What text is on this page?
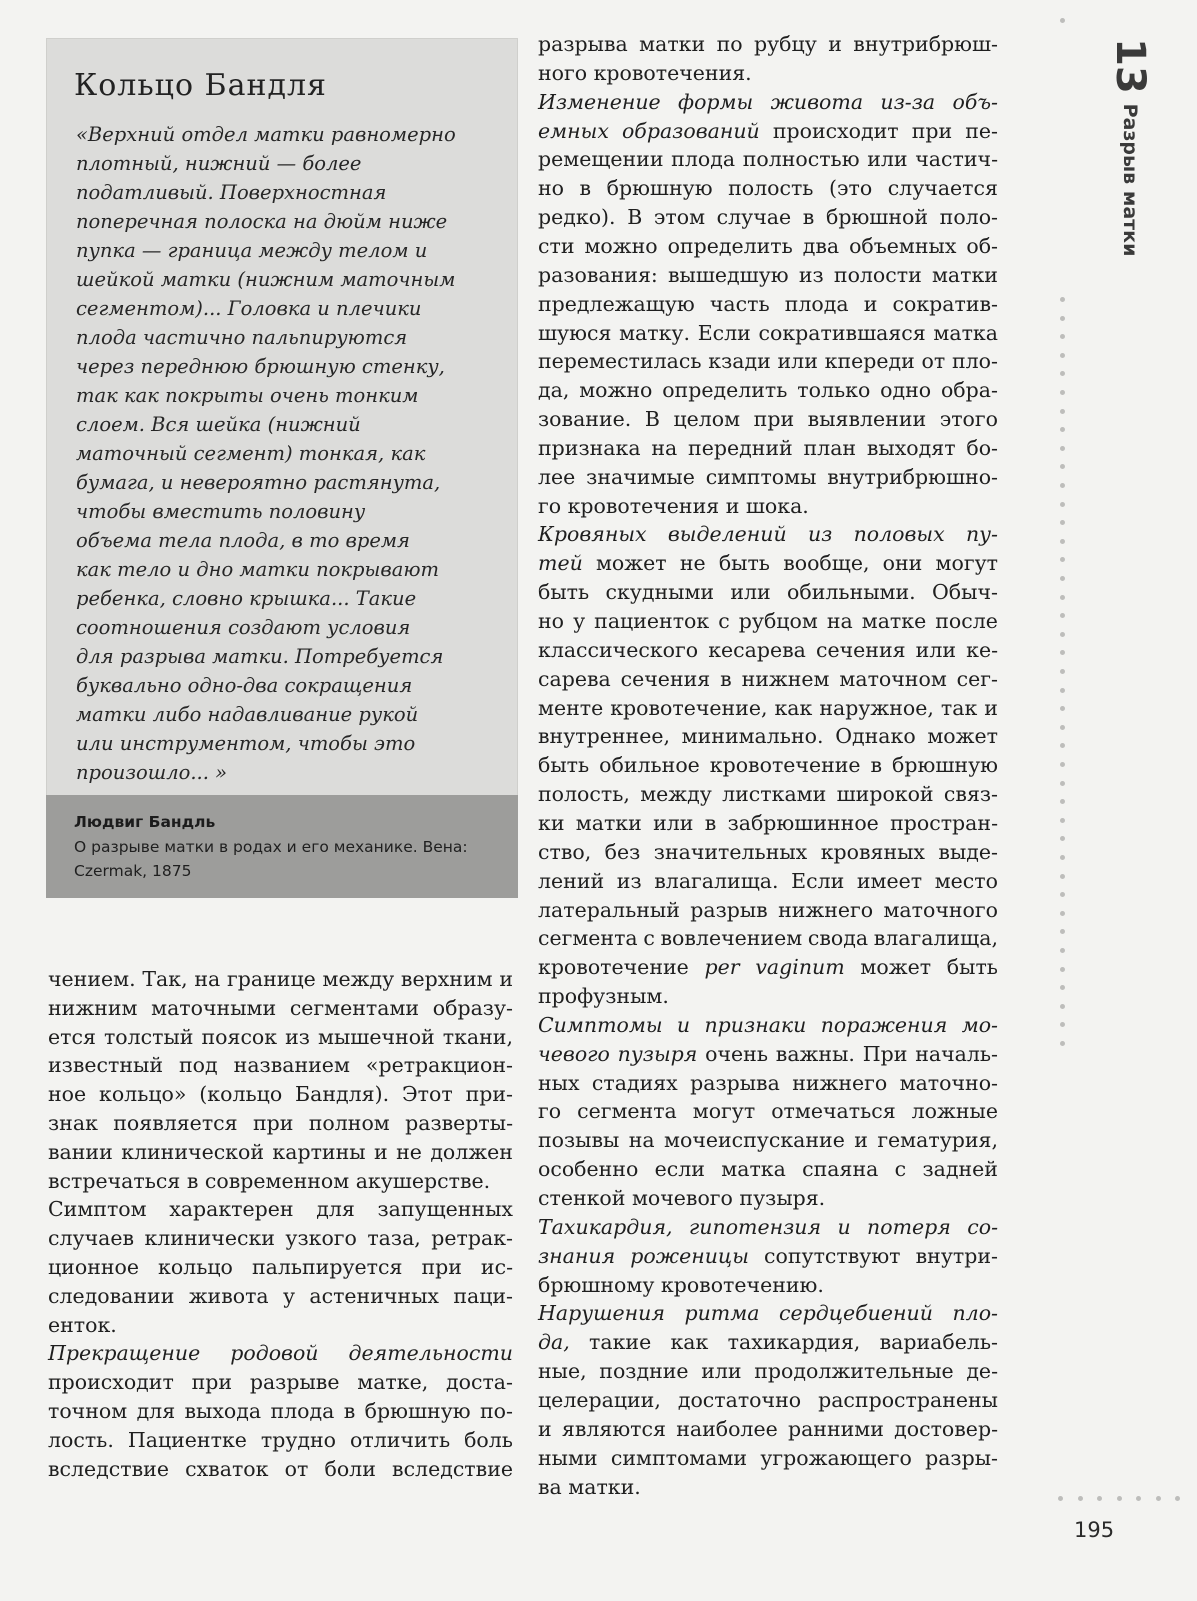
Кольцо Бандля
«Верхний отдел матки равномерно
плотный, нижний — более
податливый. Поверхностная
поперечная полоска на дюйм ниже
пупка — граница между телом и
шейкой матки (нижним маточным
сегментом)... Головка и плечики
плода частично пальпируются
через переднюю брюшную стенку,
так как покрыты очень тонким
слоем. Вся шейка (нижний
маточный сегмент) тонкая, как
бумага, и невероятно растянута,
чтобы вместить половину
объема тела плода, в то время
как тело и дно матки покрывают
ребенка, словно крышка... Такие
соотношения создают условия
для разрыва матки. Потребуется
буквально одно-два сокращения
матки либо надавливание рукой
или инструментом, чтобы это
произошло... »
Людвиг Бандль
О разрыве матки в родах и его механике. Вена:
Czermak, 1875
чением. Так, на границе между верхним и
нижним маточными сегментами образу-
ется толстый поясок из мышечной ткани,
известный под названием «ретракцион-
ное кольцо» (кольцо Бандля). Этот при-
знак появляется при полном разверты-
вании клинической картины и не должен
встречаться в современном акушерстве.
Симптом характерен для запущенных
случаев клинически узкого таза, ретрак-
ционное кольцо пальпируется при ис-
следовании живота у астеничных паци-
енток.
Прекращение родовой деятельности
происходит при разрыве матке, доста-
точном для выхода плода в брюшную по-
лость. Пациентке трудно отличить боль
вследствие схваток от боли вследствие
разрыва матки по рубцу и внутрибрюш-
ного кровотечения.
Изменение формы живота из-за объ-
емных образований происходит при пе-
ремещении плода полностью или частич-
но в брюшную полость (это случается
редко). В этом случае в брюшной поло-
сти можно определить два объемных об-
разования: вышедшую из полости матки
предлежащую часть плода и сократив-
шуюся матку. Если сократившаяся матка
переместилась кзади или кпереди от пло-
да, можно определить только одно обра-
зование. В целом при выявлении этого
признака на передний план выходят бо-
лее значимые симптомы внутрибрюшно-
го кровотечения и шока.
Кровяных выделений из половых пу-
тей может не быть вообще, они могут
быть скудными или обильными. Обыч-
но у пациенток с рубцом на матке после
классического кесарева сечения или ке-
сарева сечения в нижнем маточном сег-
менте кровотечение, как наружное, так и
внутреннее, минимально. Однако может
быть обильное кровотечение в брюшную
полость, между листками широкой связ-
ки матки или в забрюшинное простран-
ство, без значительных кровяных выде-
лений из влагалища. Если имеет место
латеральный разрыв нижнего маточного
сегмента с вовлечением свода влагалища,
кровотечение per vaginum может быть
профузным.
Симптомы и признаки поражения мо-
чевого пузыря очень важны. При началь-
ных стадиях разрыва нижнего маточно-
го сегмента могут отмечаться ложные
позывы на мочеиспускание и гематурия,
особенно если матка спаяна с задней
стенкой мочевого пузыря.
Тахикардия, гипотензия и потеря со-
знания роженицы сопутствуют внутри-
брюшному кровотечению.
Нарушения ритма сердцебиений пло-
да, такие как тахикардия, вариабель-
ные, поздние или продолжительные де-
целерации, достаточно распространены
и являются наиболее ранними достовер-
ными симптомами угрожающего разры-
ва матки.
13
Разрыв матки
195
